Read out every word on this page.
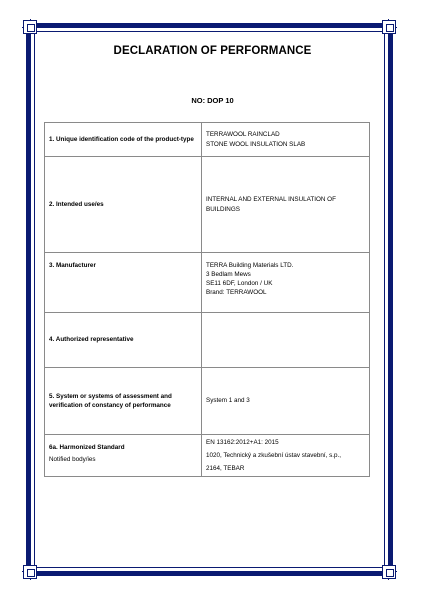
DECLARATION OF PERFORMANCE
NO: DOP 10
1. Unique identification code of the product-type	TERRAWOOL RAINCLAD
STONE WOOL INSULATION SLAB

2. Intended use/es	INTERNAL AND EXTERNAL INSULATION OF BUILDINGS

3. Manufacturer	TERRA Building Materials LTD.
3 Bedlam Mews
SE11 6DF, London / UK
Brand: TERRAWOOL

4. Authorized representative	
5. System or systems of assessment and verification of constancy of performance	System 1 and 3

6a. Harmonized Standard
Notified body/ies	EN 13162:2012+A1: 2015
1020, Technický a zkušební ústav stavební, s.p.,
2164, TEBAR
